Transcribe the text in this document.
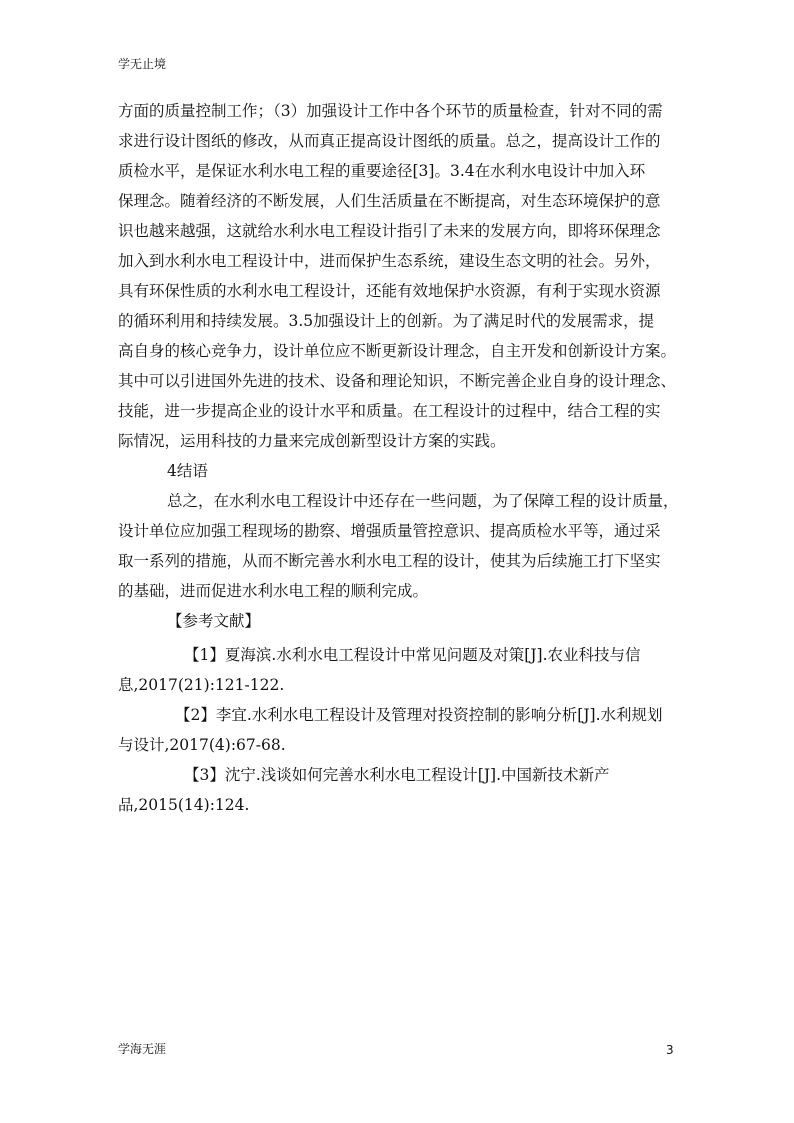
学无止境
方面的质量控制工作；（3）加强设计工作中各个环节的质量检查，针对不同的需
求进行设计图纸的修改，从而真正提高设计图纸的质量。总之，提高设计工作的
质检水平，是保证水利水电工程的重要途径[3]。3.4在水利水电设计中加入环
保理念。随着经济的不断发展，人们生活质量在不断提高，对生态环境保护的意
识也越来越强，这就给水利水电工程设计指引了未来的发展方向，即将环保理念
加入到水利水电工程设计中，进而保护生态系统，建设生态文明的社会。另外，
具有环保性质的水利水电工程设计，还能有效地保护水资源，有利于实现水资源
的循环利用和持续发展。3.5加强设计上的创新。为了满足时代的发展需求，提
高自身的核心竞争力，设计单位应不断更新设计理念，自主开发和创新设计方案。
其中可以引进国外先进的技术、设备和理论知识，不断完善企业自身的设计理念、
技能，进一步提高企业的设计水平和质量。在工程设计的过程中，结合工程的实
际情况，运用科技的力量来完成创新型设计方案的实践。
4结语
总之，在水利水电工程设计中还存在一些问题，为了保障工程的设计质量，
设计单位应加强工程现场的勘察、增强质量管控意识、提高质检水平等，通过采
取一系列的措施，从而不断完善水利水电工程的设计，使其为后续施工打下坚实
的基础，进而促进水利水电工程的顺利完成。
【参考文献】
【1】夏海滨.水利水电工程设计中常见问题及对策[J].农业科技与信
息,2017(21):121-122.
【2】李宜.水利水电工程设计及管理对投资控制的影响分析[J].水利规划
与设计,2017(4):67-68.
【3】沈宁.浅谈如何完善水利水电工程设计[J].中国新技术新产
品,2015(14):124.
学海无涯	3
